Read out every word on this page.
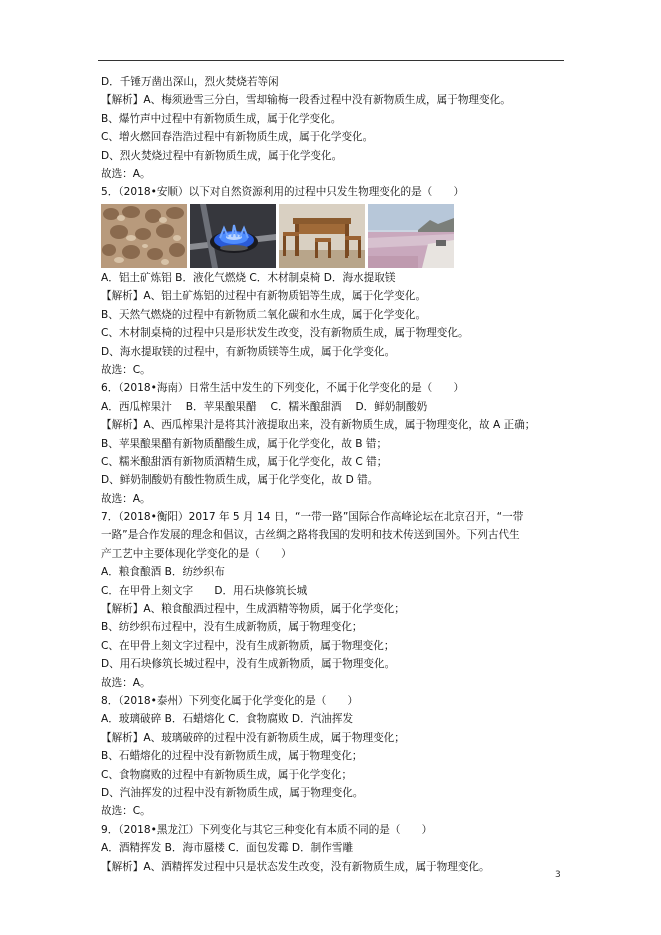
D．千锤万凿出深山，烈火焚烧若等闲
【解析】A、梅须逊雪三分白，雪却输梅一段香过程中没有新物质生成，属于物理变化。
B、爆竹声中过程中有新物质生成，属于化学变化。
C、增火燃回春浩浩过程中有新物质生成，属于化学变化。
D、烈火焚烧过程中有新物质生成，属于化学变化。
故选：A。
5．（2018•安顺）以下对自然资源利用的过程中只发生物理变化的是（　　）
A．铝土矿炼铝 B．液化气燃烧 C．木材制桌椅 D．海水提取镁
【解析】A、铝土矿炼铝的过程中有新物质铝等生成，属于化学变化。
B、天然气燃烧的过程中有新物质二氧化碳和水生成，属于化学变化。
C、木材制桌椅的过程中只是形状发生改变，没有新物质生成，属于物理变化。
D、海水提取镁的过程中，有新物质镁等生成，属于化学变化。
故选：C。
6．（2018•海南）日常生活中发生的下列变化，不属于化学变化的是（　　）
A．西瓜榨果汁　 B．苹果酿果醋　 C．糯米酿甜酒　 D．鲜奶制酸奶
【解析】A、西瓜榨果汁是将其汁液提取出来，没有新物质生成，属于物理变化，故 A 正确；
B、苹果酿果醋有新物质醋酸生成，属于化学变化，故 B 错；
C、糯米酿甜酒有新物质酒精生成，属于化学变化，故 C 错；
D、鲜奶制酸奶有酸性物质生成，属于化学变化，故 D 错。
故选：A。
7．（2018•衡阳）2017 年 5 月 14 日，“一带一路”国际合作高峰论坛在北京召开，“一带
一路”是合作发展的理念和倡议，古丝绸之路将我国的发明和技术传送到国外。下列古代生
产工艺中主要体现化学变化的是（　　）
A．粮食酿酒 B．纺纱织布
C．在甲骨上刻文字　　D．用石块修筑长城
【解析】A、粮食酿酒过程中，生成酒精等物质，属于化学变化；
B、纺纱织布过程中，没有生成新物质，属于物理变化；
C、在甲骨上刻文字过程中，没有生成新物质，属于物理变化；
D、用石块修筑长城过程中，没有生成新物质，属于物理变化。
故选：A。
8．（2018•泰州）下列变化属于化学变化的是（　　）
A．玻璃破碎 B．石蜡熔化 C．食物腐败 D．汽油挥发
【解析】A、玻璃破碎的过程中没有新物质生成，属于物理变化；
B、石蜡熔化的过程中没有新物质生成，属于物理变化；
C、食物腐败的过程中有新物质生成，属于化学变化；
D、汽油挥发的过程中没有新物质生成，属于物理变化。
故选：C。
9．（2018•黑龙江）下列变化与其它三种变化有本质不同的是（　　）
A．酒精挥发 B．海市蜃楼 C．面包发霉 D．制作雪雕
【解析】A、酒精挥发过程中只是状态发生改变，没有新物质生成，属于物理变化。
3
